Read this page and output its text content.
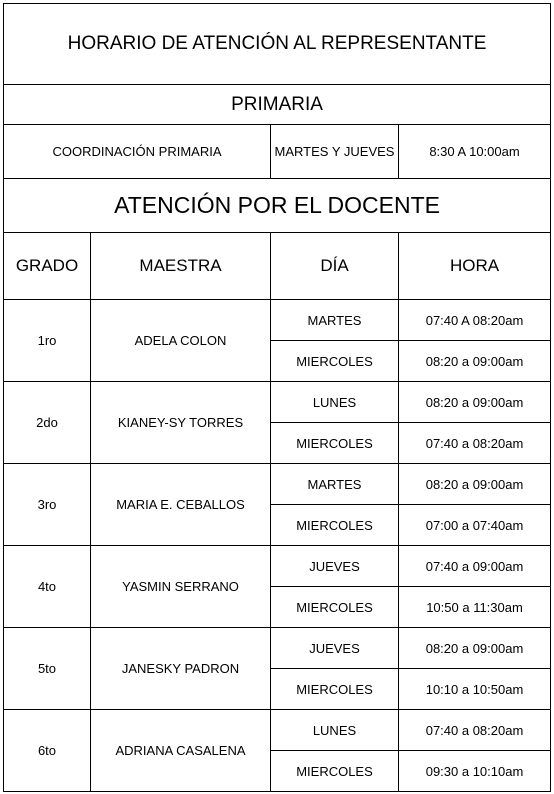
HORARIO DE ATENCIÓN AL REPRESENTANTE			
PRIMARIA			
COORDINACIÓN PRIMARIA		MARTES Y JUEVES	8:30 A 10:00am
ATENCIÓN POR EL DOCENTE			
GRADO	MAESTRA	DÍA	HORA
1ro	ADELA COLON	MARTES	07:40 A 08:20am
		MIERCOLES	08:20 a 09:00am
2do	KIANEY-SY TORRES	LUNES	08:20 a 09:00am
		MIERCOLES	07:40 a 08:20am
3ro	MARIA E. CEBALLOS	MARTES	08:20 a 09:00am
		MIERCOLES	07:00 a 07:40am
4to	YASMIN SERRANO	JUEVES	07:40 a 09:00am
		MIERCOLES	10:50 a 11:30am
5to	JANESKY PADRON	JUEVES	08:20 a 09:00am
		MIERCOLES	10:10 a 10:50am
6to	ADRIANA CASALENA	LUNES	07:40 a 08:20am
		MIERCOLES	09:30 a 10:10am
